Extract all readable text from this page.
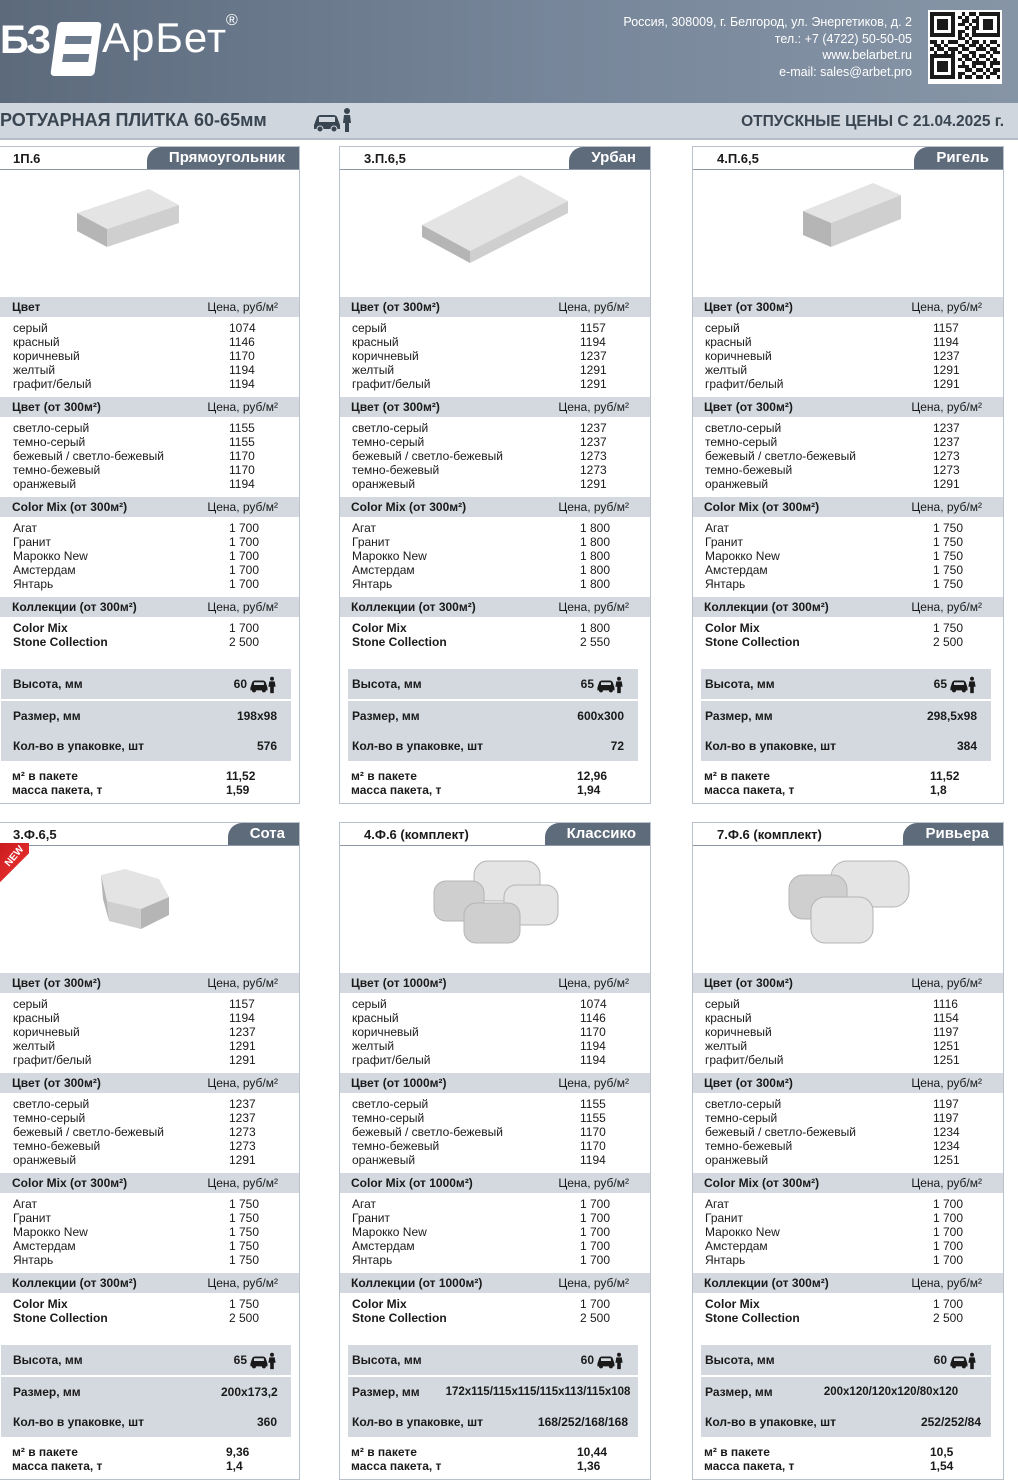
БЗ АрБет
®	Россия, 308009, г. Белгород, ул. Энергетиков, д. 2
тел.: +7 (4722) 50-50-05
www.belarbet.ru
e-mail: sales@arbet.pro
РОТУАРНАЯ ПЛИТКА 60-65мм	ОТПУСКНЫЕ ЦЕНЫ С 21.04.2025 г.
1П.6	Прямоугольник
Цвет	Цена, руб/м²
серый	1074
красный	1146
коричневый	1170
желтый	1194
графит/белый	1194
Цвет (от 300м²)	Цена, руб/м²
светло-серый	1155
темно-серый	1155
бежевый / светло-бежевый	1170
темно-бежевый	1170
оранжевый	1194
Color Mix (от 300м²)	Цена, руб/м²
Агат	1 700
Гранит	1 700
Марокко New	1 700
Амстердам	1 700
Янтарь	1 700
Коллекции (от 300м²)	Цена, руб/м²
Color Mix	1 700
Stone Collection	2 500
Высота, мм	60
Размер, мм	198x98
Кол-во в упаковке, шт	576
м² в пакете	11,52
масса пакета, т	1,59
3.П.6,5	Урбан
Цвет (от 300м²)	Цена, руб/м²
серый	1157
красный	1194
коричневый	1237
желтый	1291
графит/белый	1291
Цвет (от 300м²)	Цена, руб/м²
светло-серый	1237
темно-серый	1237
бежевый / светло-бежевый	1273
темно-бежевый	1273
оранжевый	1291
Color Mix (от 300м²)	Цена, руб/м²
Агат	1 800
Гранит	1 800
Марокко New	1 800
Амстердам	1 800
Янтарь	1 800
Коллекции (от 300м²)	Цена, руб/м²
Color Mix	1 800
Stone Collection	2 550
Высота, мм	65
Размер, мм	600x300
Кол-во в упаковке, шт	72
м² в пакете	12,96
масса пакета, т	1,94
4.П.6,5	Ригель
Цвет (от 300м²)	Цена, руб/м²
серый	1157
красный	1194
коричневый	1237
желтый	1291
графит/белый	1291
Цвет (от 300м²)	Цена, руб/м²
светло-серый	1237
темно-серый	1237
бежевый / светло-бежевый	1273
темно-бежевый	1273
оранжевый	1291
Color Mix (от 300м²)	Цена, руб/м²
Агат	1 750
Гранит	1 750
Марокко New	1 750
Амстердам	1 750
Янтарь	1 750
Коллекции (от 300м²)	Цена, руб/м²
Color Mix	1 750
Stone Collection	2 500
Высота, мм	65
Размер, мм	298,5x98
Кол-во в упаковке, шт	384
м² в пакете	11,52
масса пакета, т	1,8
3.Ф.6,5	Сота
NEW
Цвет (от 300м²)	Цена, руб/м²
серый	1157
красный	1194
коричневый	1237
желтый	1291
графит/белый	1291
Цвет (от 300м²)	Цена, руб/м²
светло-серый	1237
темно-серый	1237
бежевый / светло-бежевый	1273
темно-бежевый	1273
оранжевый	1291
Color Mix (от 300м²)	Цена, руб/м²
Агат	1 750
Гранит	1 750
Марокко New	1 750
Амстердам	1 750
Янтарь	1 750
Коллекции (от 300м²)	Цена, руб/м²
Color Mix	1 750
Stone Collection	2 500
Высота, мм	65
Размер, мм	200x173,2
Кол-во в упаковке, шт	360
м² в пакете	9,36
масса пакета, т	1,4
4.Ф.6 (комплект)	Классико
Цвет (от 1000м²)	Цена, руб/м²
серый	1074
красный	1146
коричневый	1170
желтый	1194
графит/белый	1194
Цвет (от 1000м²)	Цена, руб/м²
светло-серый	1155
темно-серый	1155
бежевый / светло-бежевый	1170
темно-бежевый	1170
оранжевый	1194
Color Mix (от 1000м²)	Цена, руб/м²
Агат	1 700
Гранит	1 700
Марокко New	1 700
Амстердам	1 700
Янтарь	1 700
Коллекции (от 1000м²)	Цена, руб/м²
Color Mix	1 700
Stone Collection	2 500
Высота, мм	60
Размер, мм	172x115/115x115/115x113/115x108
Кол-во в упаковке, шт	168/252/168/168
м² в пакете	10,44
масса пакета, т	1,36
7.Ф.6 (комплект)	Ривьера
Цвет (от 300м²)	Цена, руб/м²
серый	1116
красный	1154
коричневый	1197
желтый	1251
графит/белый	1251
Цвет (от 300м²)	Цена, руб/м²
светло-серый	1197
темно-серый	1197
бежевый / светло-бежевый	1234
темно-бежевый	1234
оранжевый	1251
Color Mix (от 300м²)	Цена, руб/м²
Агат	1 700
Гранит	1 700
Марокко New	1 700
Амстердам	1 700
Янтарь	1 700
Коллекции (от 300м²)	Цена, руб/м²
Color Mix	1 700
Stone Collection	2 500
Высота, мм	60
Размер, мм	200x120/120x120/80x120
Кол-во в упаковке, шт	252/252/84
м² в пакете	10,5
масса пакета, т	1,54
